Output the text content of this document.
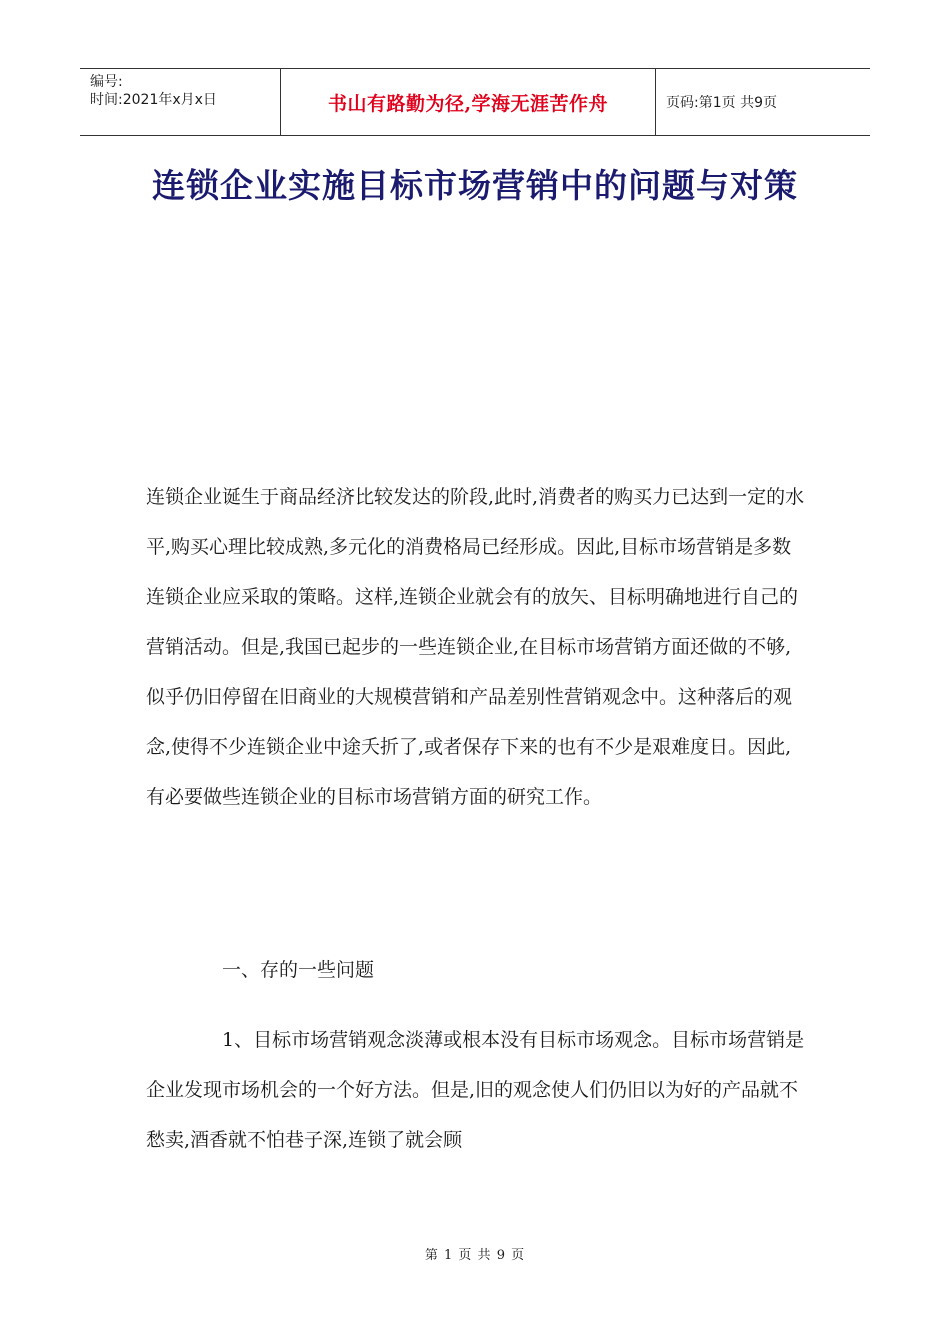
编号:
时间:2021年x月x日	书山有路勤为径,学海无涯苦作舟	页码:第1页 共9页
连锁企业实施目标市场营销中的问题与对策

连锁企业诞生于商品经济比较发达的阶段,此时,消费者的购买力已达到一定的水平,购买心理比较成熟,多元化的消费格局已经形成。因此,目标市场营销是多数连锁企业应采取的策略。这样,连锁企业就会有的放矢、目标明确地进行自己的营销活动。但是,我国已起步的一些连锁企业,在目标市场营销方面还做的不够,似乎仍旧停留在旧商业的大规模营销和产品差别性营销观念中。这种落后的观念,使得不少连锁企业中途夭折了,或者保存下来的也有不少是艰难度日。因此,有必要做些连锁企业的目标市场营销方面的研究工作。

一、存的一些问题

1、目标市场营销观念淡薄或根本没有目标市场观念。目标市场营销是企业发现市场机会的一个好方法。但是,旧的观念使人们仍旧以为好的产品就不愁卖,酒香就不怕巷子深,连锁了就会顾

第 1 页 共 9 页
